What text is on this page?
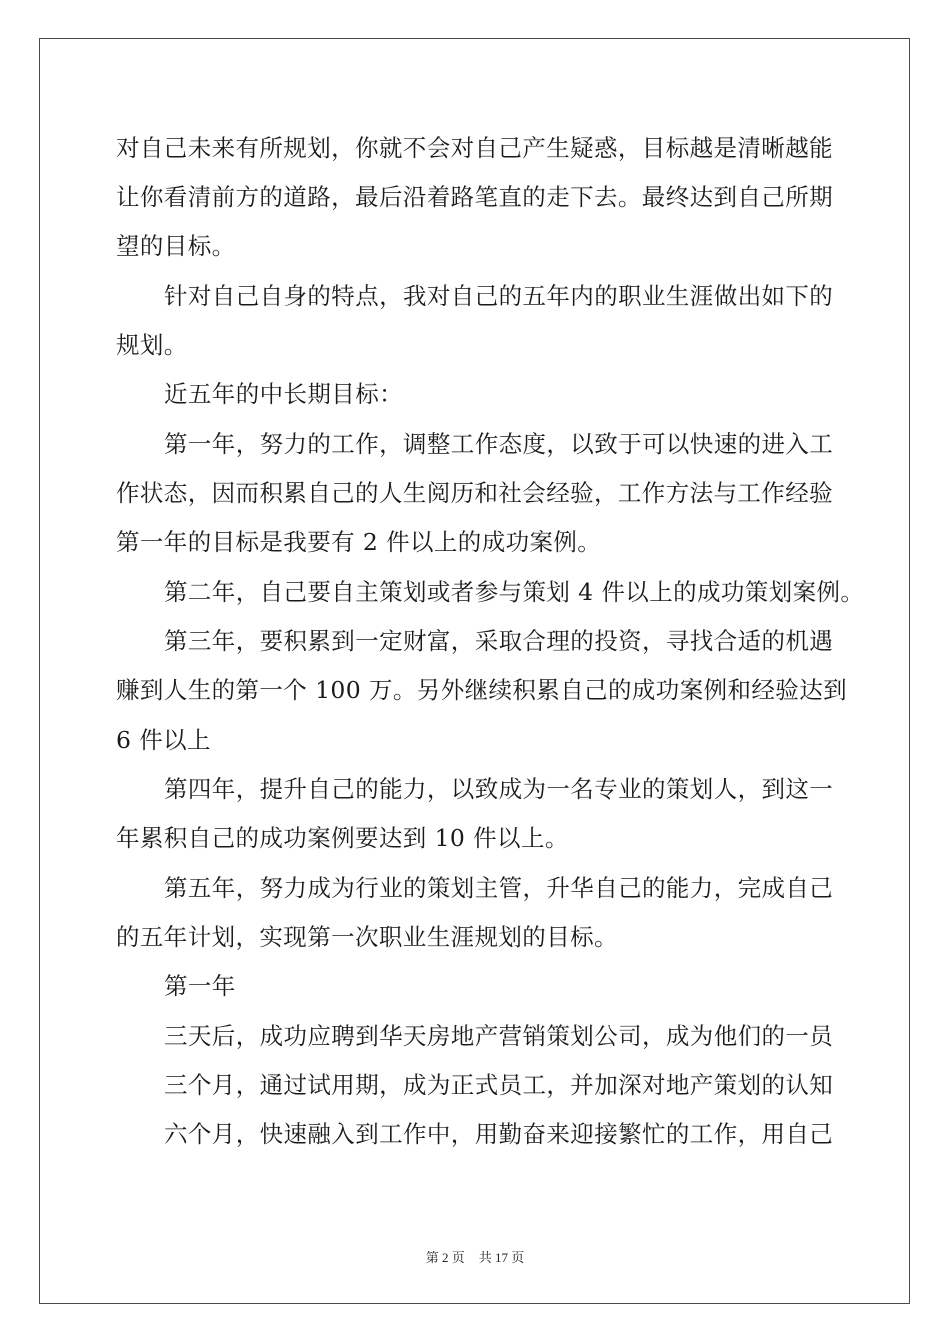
对自己未来有所规划，你就不会对自己产生疑惑，目标越是清晰越能
让你看清前方的道路，最后沿着路笔直的走下去。最终达到自己所期
望的目标。
针对自己自身的特点，我对自己的五年内的职业生涯做出如下的
规划。
近五年的中长期目标：
第一年，努力的工作，调整工作态度，以致于可以快速的进入工
作状态，因而积累自己的人生阅历和社会经验，工作方法与工作经验
第一年的目标是我要有 2 件以上的成功案例。
第二年，自己要自主策划或者参与策划 4 件以上的成功策划案例。
第三年，要积累到一定财富，采取合理的投资，寻找合适的机遇
赚到人生的第一个 100 万。另外继续积累自己的成功案例和经验达到
6 件以上
第四年，提升自己的能力，以致成为一名专业的策划人，到这一
年累积自己的成功案例要达到 10 件以上。
第五年，努力成为行业的策划主管，升华自己的能力，完成自己
的五年计划，实现第一次职业生涯规划的目标。
第一年
三天后，成功应聘到华天房地产营销策划公司，成为他们的一员
三个月，通过试用期，成为正式员工，并加深对地产策划的认知
六个月，快速融入到工作中，用勤奋来迎接繁忙的工作，用自己
第 2 页 共 17 页
